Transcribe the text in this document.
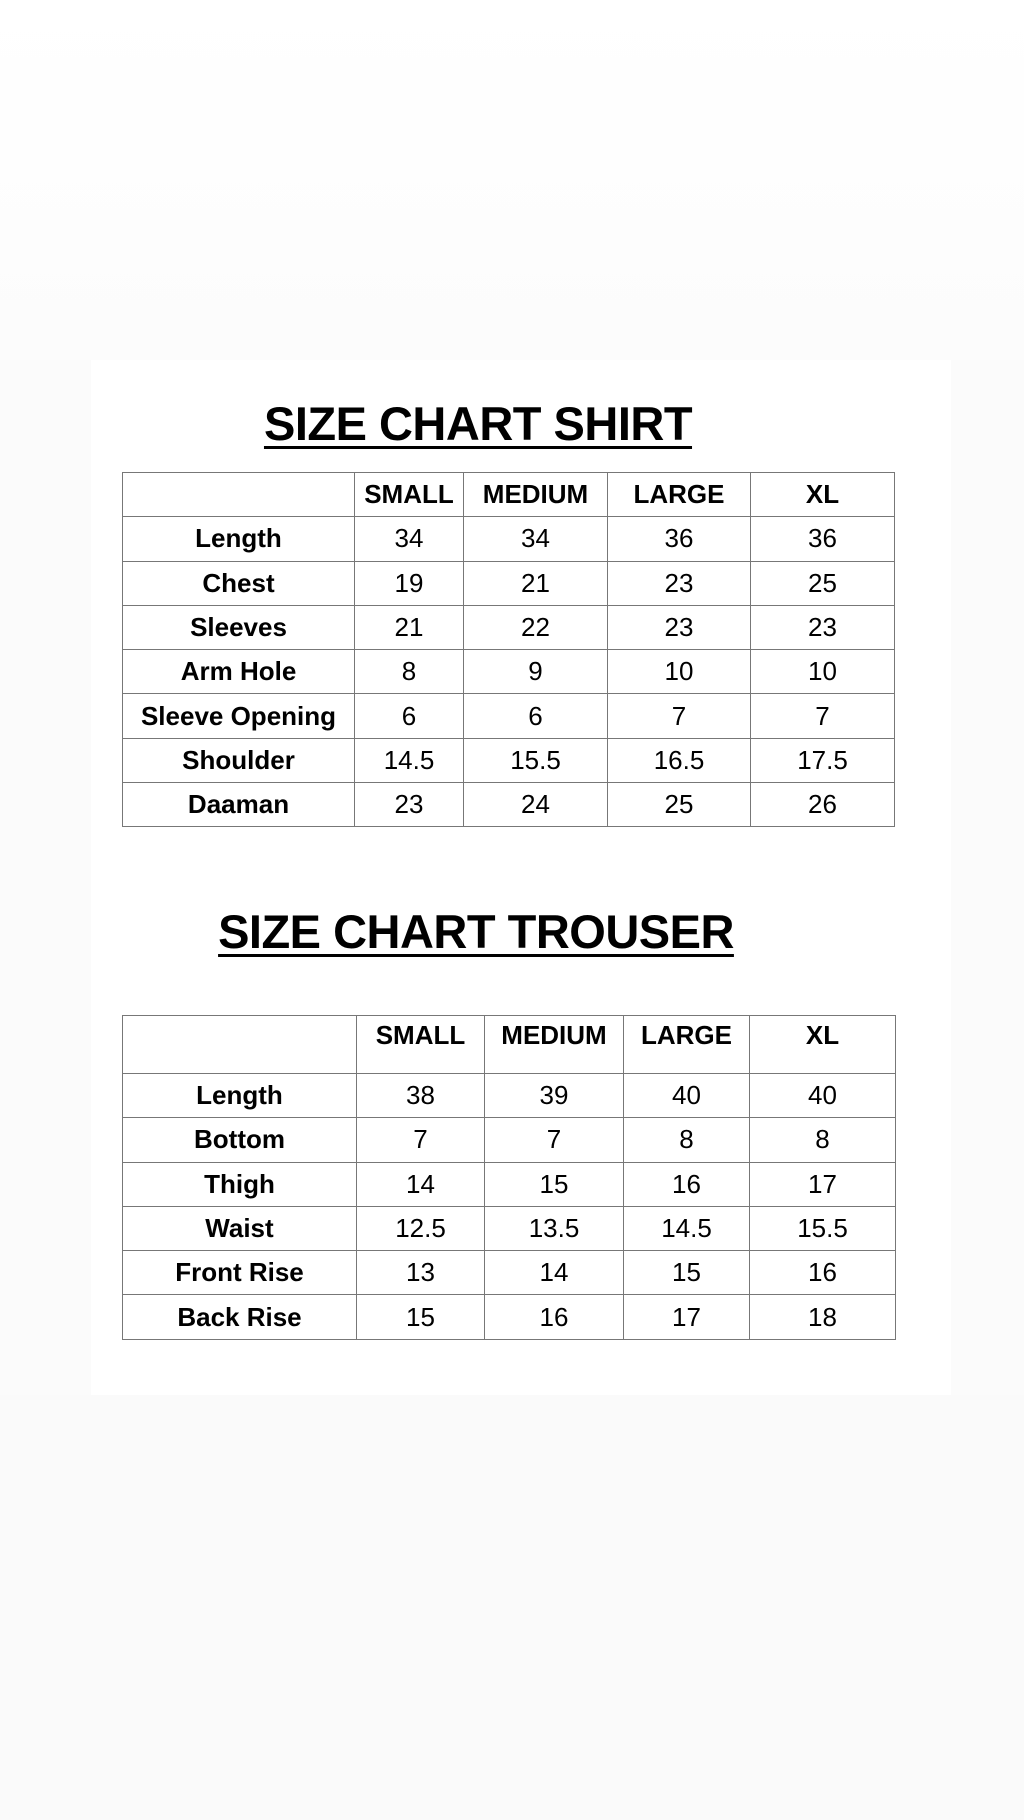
SIZE CHART SHIRT
	SMALL	MEDIUM	LARGE	XL
Length	34	34	36	36
Chest	19	21	23	25
Sleeves	21	22	23	23
Arm Hole	8	9	10	10
Sleeve Opening	6	6	7	7
Shoulder	14.5	15.5	16.5	17.5
Daaman	23	24	25	26
SIZE CHART TROUSER
	SMALL	MEDIUM	LARGE	XL
Length	38	39	40	40
Bottom	7	7	8	8
Thigh	14	15	16	17
Waist	12.5	13.5	14.5	15.5
Front Rise	13	14	15	16
Back Rise	15	16	17	18
